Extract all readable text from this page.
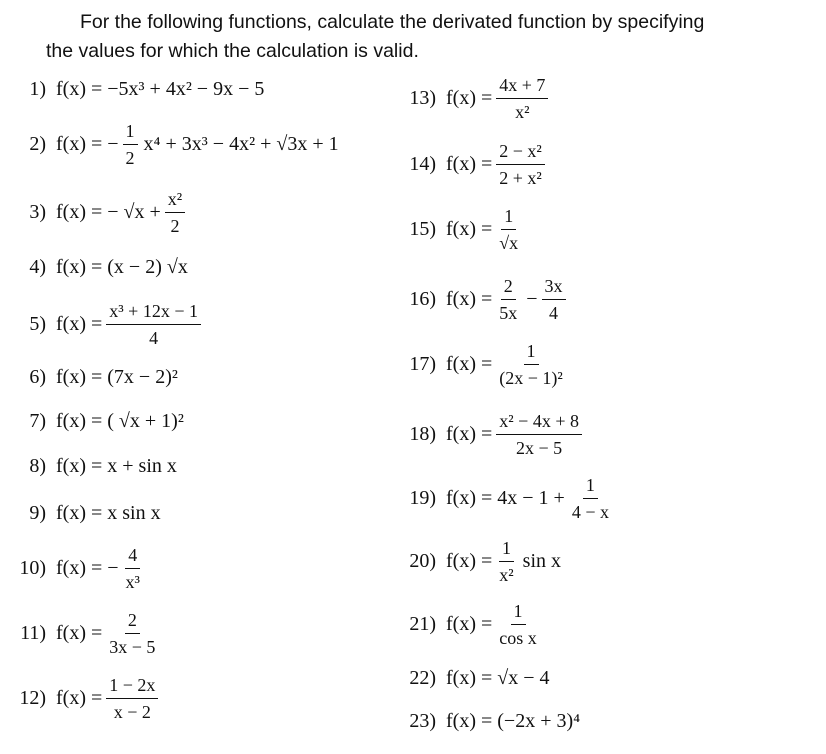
For the following functions, calculate the derivated function by specifying
the values for which the calculation is valid.
1) f(x) = −5x³ + 4x² − 9x − 5
2) f(x) = − $\frac{1}{2} x^4 + 3x^3 - 4x^2 + √3x + 1$
3) f(x) = − $√x + \frac{\text{x²}}{2}$
4) f(x) = (x − 2) √x
5) $f(x) = \frac{\text{x³ + 12x − 1}}{4}$
6) f(x) = (7x − 2)²
7) f(x) = ( √x + 1)²
8) f(x) = x + sin x
9) f(x) = x sin x
10) f(x) = − $\frac{4}{\text{x³}}$
11) $f(x) = \frac{2}{3x - 5}$
12) $f(x) = \frac{1 - 2x}{x - 2}$
13) $f(x) = \frac{4x + 7}{\text{x²}}$
14) $f(x) = \frac{\text{2 − x²}}{\text{2 + x²}}$
15) $f(x) = \frac{1}{√x}$
16) $f(x) = \frac{2}{5x} - \frac{3x}{4}$
17) $f(x) = \frac{1}{\text{(2x − 1)²}}$
18) $f(x) = \frac{\text{x² − 4x + 8}}{2x - 5}$
19) $f(x) = 4x - 1 + \frac{1}{4 - x}$
20) $f(x) = \frac{1}{\text{x²}}$ sin x
21) $f(x) = \frac{1}{\text{cos x}}$
22) f(x) = √x − 4
23) f(x) = (−2x + 3)⁴
